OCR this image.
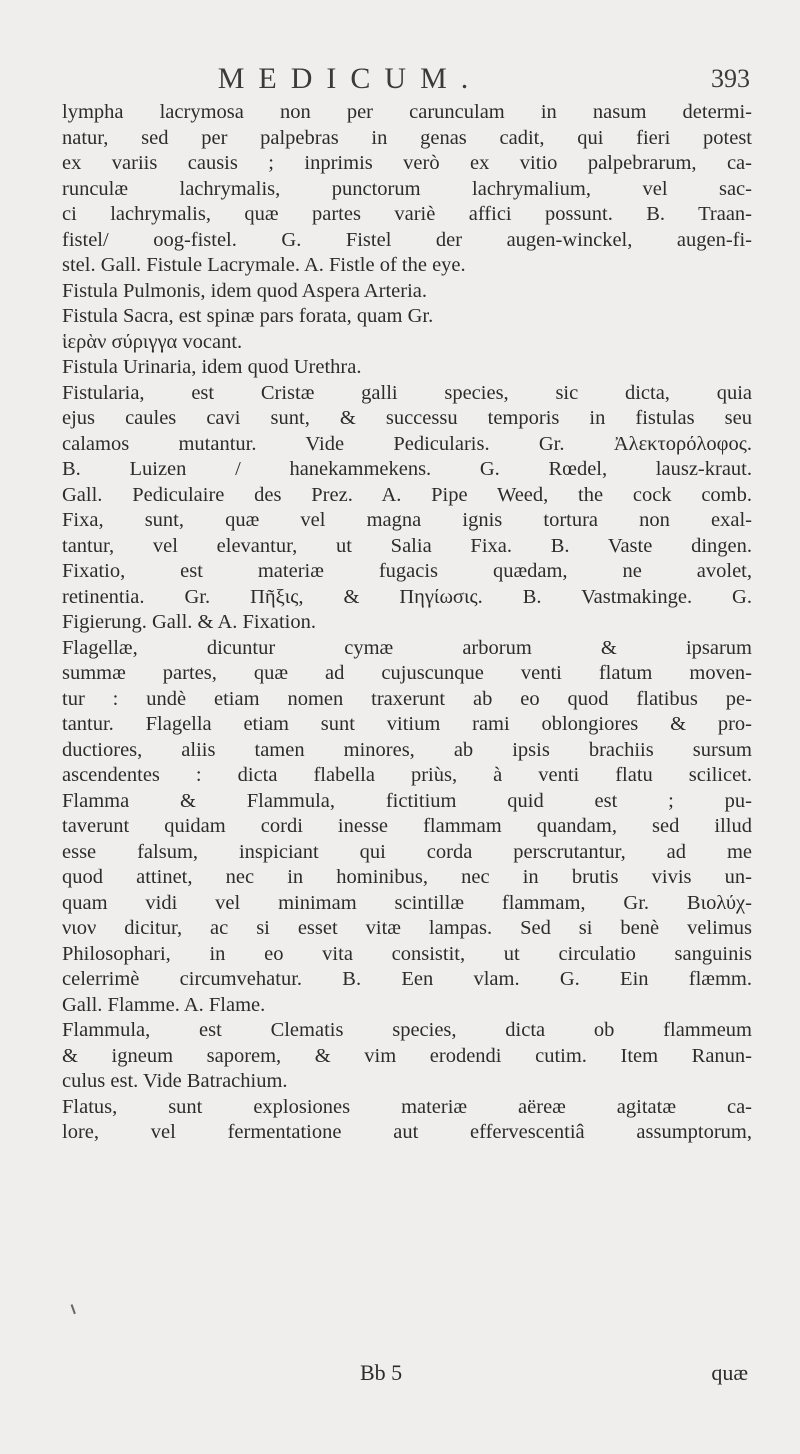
MEDICUM.	393
lympha lacrymosa non per carunculam in nasum determi-
natur, sed per palpebras in genas cadit, qui fieri potest
ex variis causis ; inprimis verò ex vitio palpebrarum, ca-
runculæ lachrymalis, punctorum lachrymalium, vel sac-
ci lachrymalis, quæ partes variè affici possunt. B. Traan-
fistel/ oog-fistel. G. Fistel der augen-winckel, augen-fi-
stel. Gall. Fistule Lacrymale. A. Fistle of the eye.
Fistula Pulmonis, idem quod Aspera Arteria.
Fistula Sacra, est spinæ pars forata, quam Gr.
ἱερὰν σύριγγα vocant.
Fistula Urinaria, idem quod Urethra.
Fistularia, est Cristæ galli species, sic dicta, quia
ejus caules cavi sunt, & successu temporis in fistulas seu
calamos mutantur. Vide Pedicularis. Gr. Ἀλεκτορόλοφος.
B. Luizen / hanekammekens. G. Rœdel, lausz-kraut.
Gall. Pediculaire des Prez. A. Pipe Weed, the cock comb.
Fixa, sunt, quæ vel magna ignis tortura non exal-
tantur, vel elevantur, ut Salia Fixa. B. Vaste dingen.
Fixatio, est materiæ fugacis quædam, ne avolet,
retinentia. Gr. Πῆξις, & Πηγίωσις. B. Vastmakinge. G.
Figierung. Gall. & A. Fixation.
Flagellæ, dicuntur cymæ arborum & ipsarum
summæ partes, quæ ad cujuscunque venti flatum moven-
tur : undè etiam nomen traxerunt ab eo quod flatibus pe-
tantur. Flagella etiam sunt vitium rami oblongiores & pro-
ductiores, aliis tamen minores, ab ipsis brachiis sursum
ascendentes : dicta flabella priùs, à venti flatu scilicet.
Flamma & Flammula, fictitium quid est ; pu-
taverunt quidam cordi inesse flammam quandam, sed illud
esse falsum, inspiciant qui corda perscrutantur, ad me
quod attinet, nec in hominibus, nec in brutis vivis un-
quam vidi vel minimam scintillæ flammam, Gr. Βιολύχ-
νιον dicitur, ac si esset vitæ lampas. Sed si benè velimus
Philosophari, in eo vita consistit, ut circulatio sanguinis
celerrimè circumvehatur. B. Een vlam. G. Ein flæmm.
Gall. Flamme. A. Flame.
Flammula, est Clematis species, dicta ob flammeum
& igneum saporem, & vim erodendi cutim. Item Ranun-
culus est. Vide Batrachium.
Flatus, sunt explosiones materiæ aëreæ agitatæ ca-
lore, vel fermentatione aut effervescentiâ assumptorum,
Bb 5	quæ
